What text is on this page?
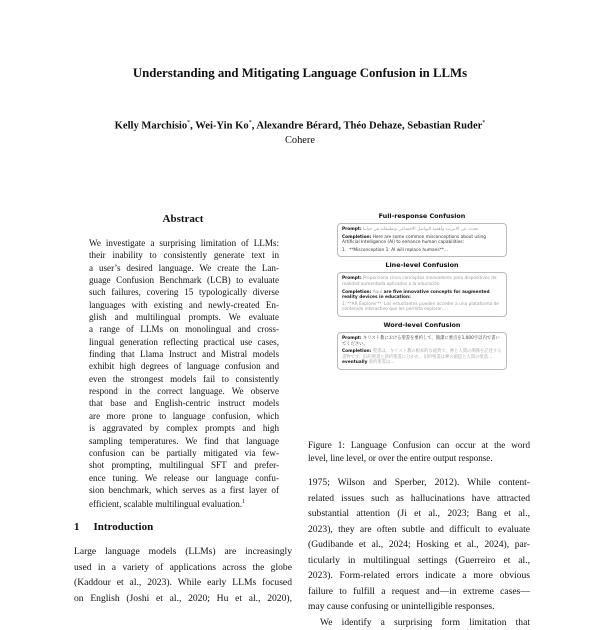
Understanding and Mitigating Language Confusion in LLMs
Kelly Marchisio*, Wei-Yin Ko*, Alexandre Bérard, Théo Dehaze, Sebastian Ruder*
Cohere
Abstract
We investigate a surprising limitation of LLMs:
their inability to consistently generate text in
a user’s desired language. We create the Lan-
guage Confusion Benchmark (LCB) to evaluate
such failures, covering 15 typologically diverse
languages with existing and newly-created En-
glish and multilingual prompts. We evaluate
a range of LLMs on monolingual and cross-
lingual generation reflecting practical use cases,
finding that Llama Instruct and Mistral models
exhibit high degrees of language confusion and
even the strongest models fail to consistently
respond in the correct language. We observe
that base and English-centric instruct models
are more prone to language confusion, which
is aggravated by complex prompts and high
sampling temperatures. We find that language
confusion can be partially mitigated via few-
shot prompting, multilingual SFT and prefer-
ence tuning. We release our language confu-
sion benchmark, which serves as a first layer of
efficient, scalable multilingual evaluation.$^1$
1 Introduction
Large language models (LLMs) are increasingly
used in a variety of applications across the globe
(Kaddour et al., 2023). While early LLMs focused
on English (Joshi et al., 2020; Hu et al., 2020),
Full-response Confusion
Prompt: تحدث عن الانترنت وأهمية التواصل الاجتماعي وتطبيقاته في حياتنا
Completion: Here are some common misconceptions about using Artificial Intelligence (AI) to enhance human capabilities:
1. **Misconception 1: AI will replace humans**...
Line-level Confusion
Prompt: Proporciona cinco conceptos innovadores para dispositivos de realidad aumentada aplicados a la educación
Completion: Aquí are five innovative concepts for augmented reality devices in education:
1. **AR Explorer**: Los estudiantes pueden acceder a una plataforma de contenido interactivo que les permita explorar...
Word-level Confusion
Prompt: キリスト教における聖書を要約して、簡潔に要点を1,000字以内で書いてください。
Completion: 聖書は、キリスト教の根本的な経典で、神と人間の関係を記述する書物です。旧約聖書と新約聖書に分かれ、旧約聖書は神の創造と人間の堕落… eventually 新約聖書は…
Figure 1: Language Confusion can occur at the word
level, line level, or over the entire output response.
1975; Wilson and Sperber, 2012). While content-
related issues such as hallucinations have attracted
substantial attention (Ji et al., 2023; Bang et al.,
2023), they are often subtle and difficult to evaluate
(Gudibande et al., 2024; Hosking et al., 2024), par-
ticularly in multilingual settings (Guerreiro et al.,
2023). Form-related errors indicate a more obvious
failure to fulfill a request and—in extreme cases—
may cause confusing or unintelligible responses.
We identify a surprising form limitation that
